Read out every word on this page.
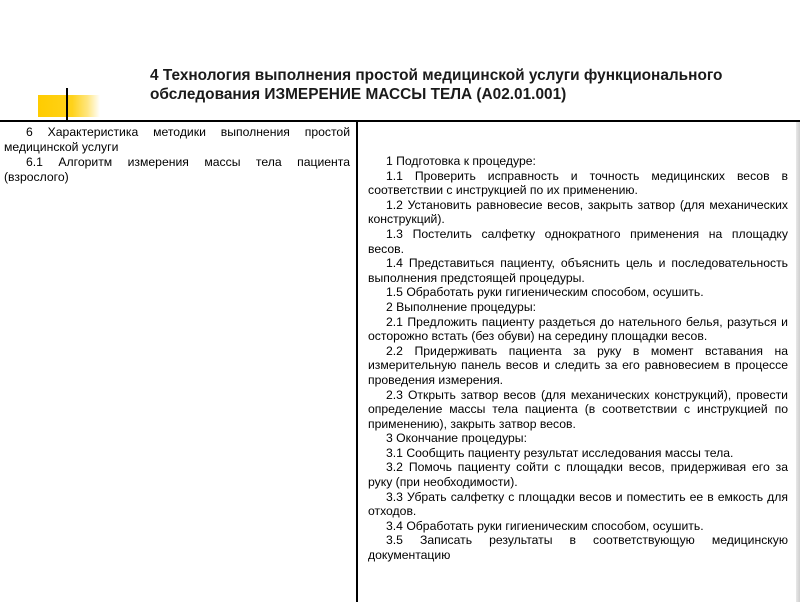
4 Технология выполнения простой медицинской услуги функционального
обследования ИЗМЕРЕНИЕ МАССЫ ТЕЛА (А02.01.001)

6 Характеристика методики выполнения простой медицинской услуги

6.1 Алгоритм измерения массы тела пациента (взрослого)

1 Подготовка к процедуре:

1.1 Проверить исправность и точность медицинских весов в соответствии с инструкцией по их применению.

1.2 Установить равновесие весов, закрыть затвор (для механических конструкций).

1.3 Постелить салфетку однократного применения на площадку весов.

1.4 Представиться пациенту, объяснить цель и последовательность выполнения предстоящей процедуры.

1.5 Обработать руки гигиеническим способом, осушить.

2 Выполнение процедуры:

2.1 Предложить пациенту раздеться до нательного белья, разуться и осторожно встать (без обуви) на середину площадки весов.

2.2 Придерживать пациента за руку в момент вставания на измерительную панель весов и следить за его равновесием в процессе проведения измерения.

2.3 Открыть затвор весов (для механических конструкций), провести определение массы тела пациента (в соответствии с инструкцией по применению), закрыть затвор весов.

3 Окончание процедуры:

3.1 Сообщить пациенту результат исследования массы тела.

3.2 Помочь пациенту сойти с площадки весов, придерживая его за руку (при необходимости).

3.3 Убрать салфетку с площадки весов и поместить ее в емкость для отходов.

3.4 Обработать руки гигиеническим способом, осушить.

3.5 Записать результаты в соответствующую медицинскую документацию
